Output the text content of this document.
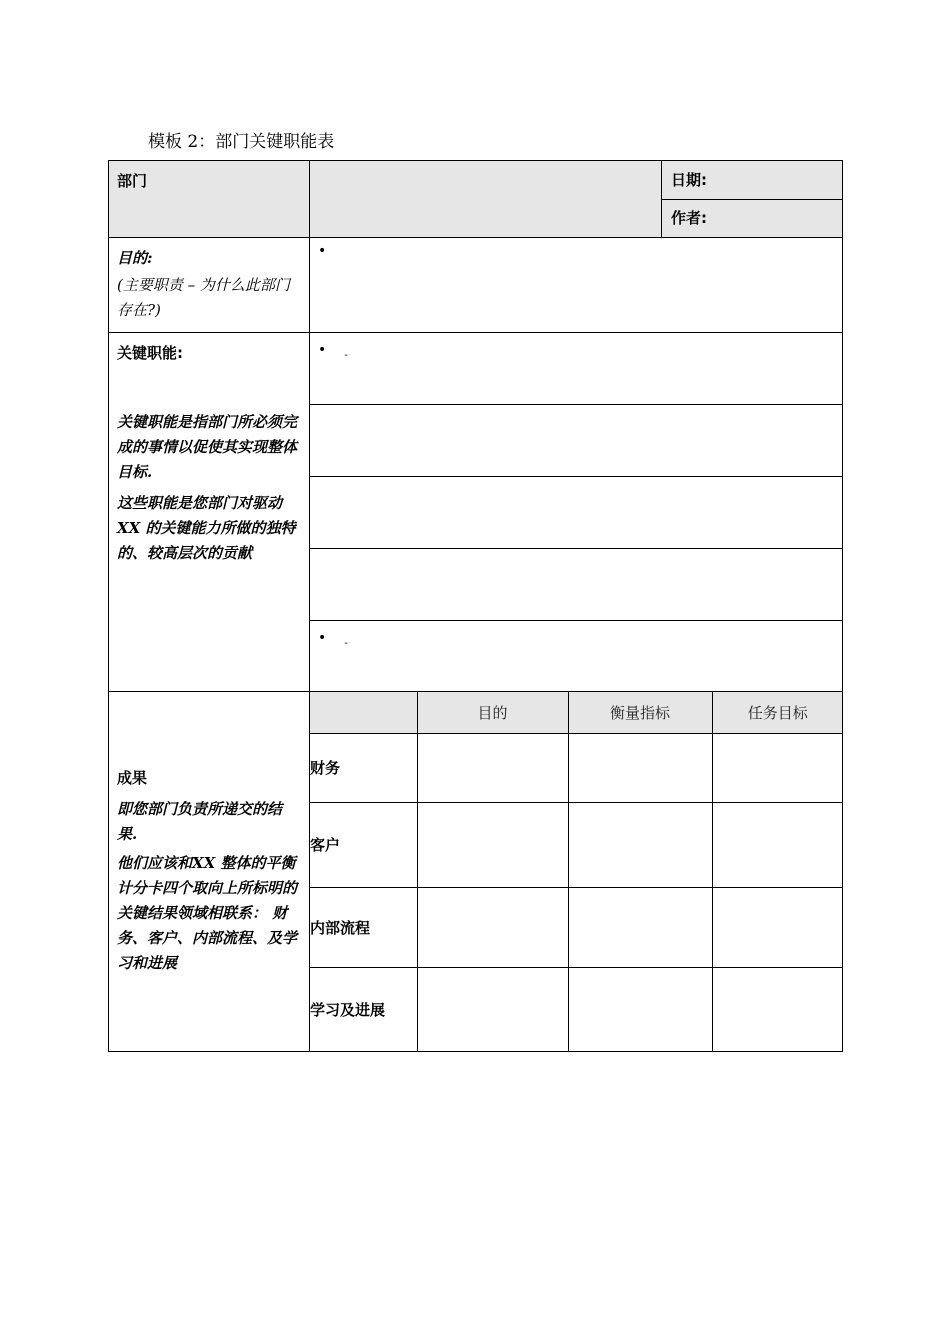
模板 2：部门关键职能表
部门		日期:

作者:

目的:
(主要职责 – 为什么此部门存在?)

•

关键职能:
关键职能是指部门所必须完成的事情以促使其实现整体目标.
这些职能是您部门对驱动XX 的关键能力所做的独特的、较高层次的贡献

• $_-$

• $_-$

成果
即您部门负责所递交的结果.
他们应该和XX 整体的平衡计分卡四个取向上所标明的关键结果领域相联系： 财务、客户、内部流程、及学习和进展

	目的	衡量指标	任务目标
财务			
客户			
内部流程			
学习及进展			
